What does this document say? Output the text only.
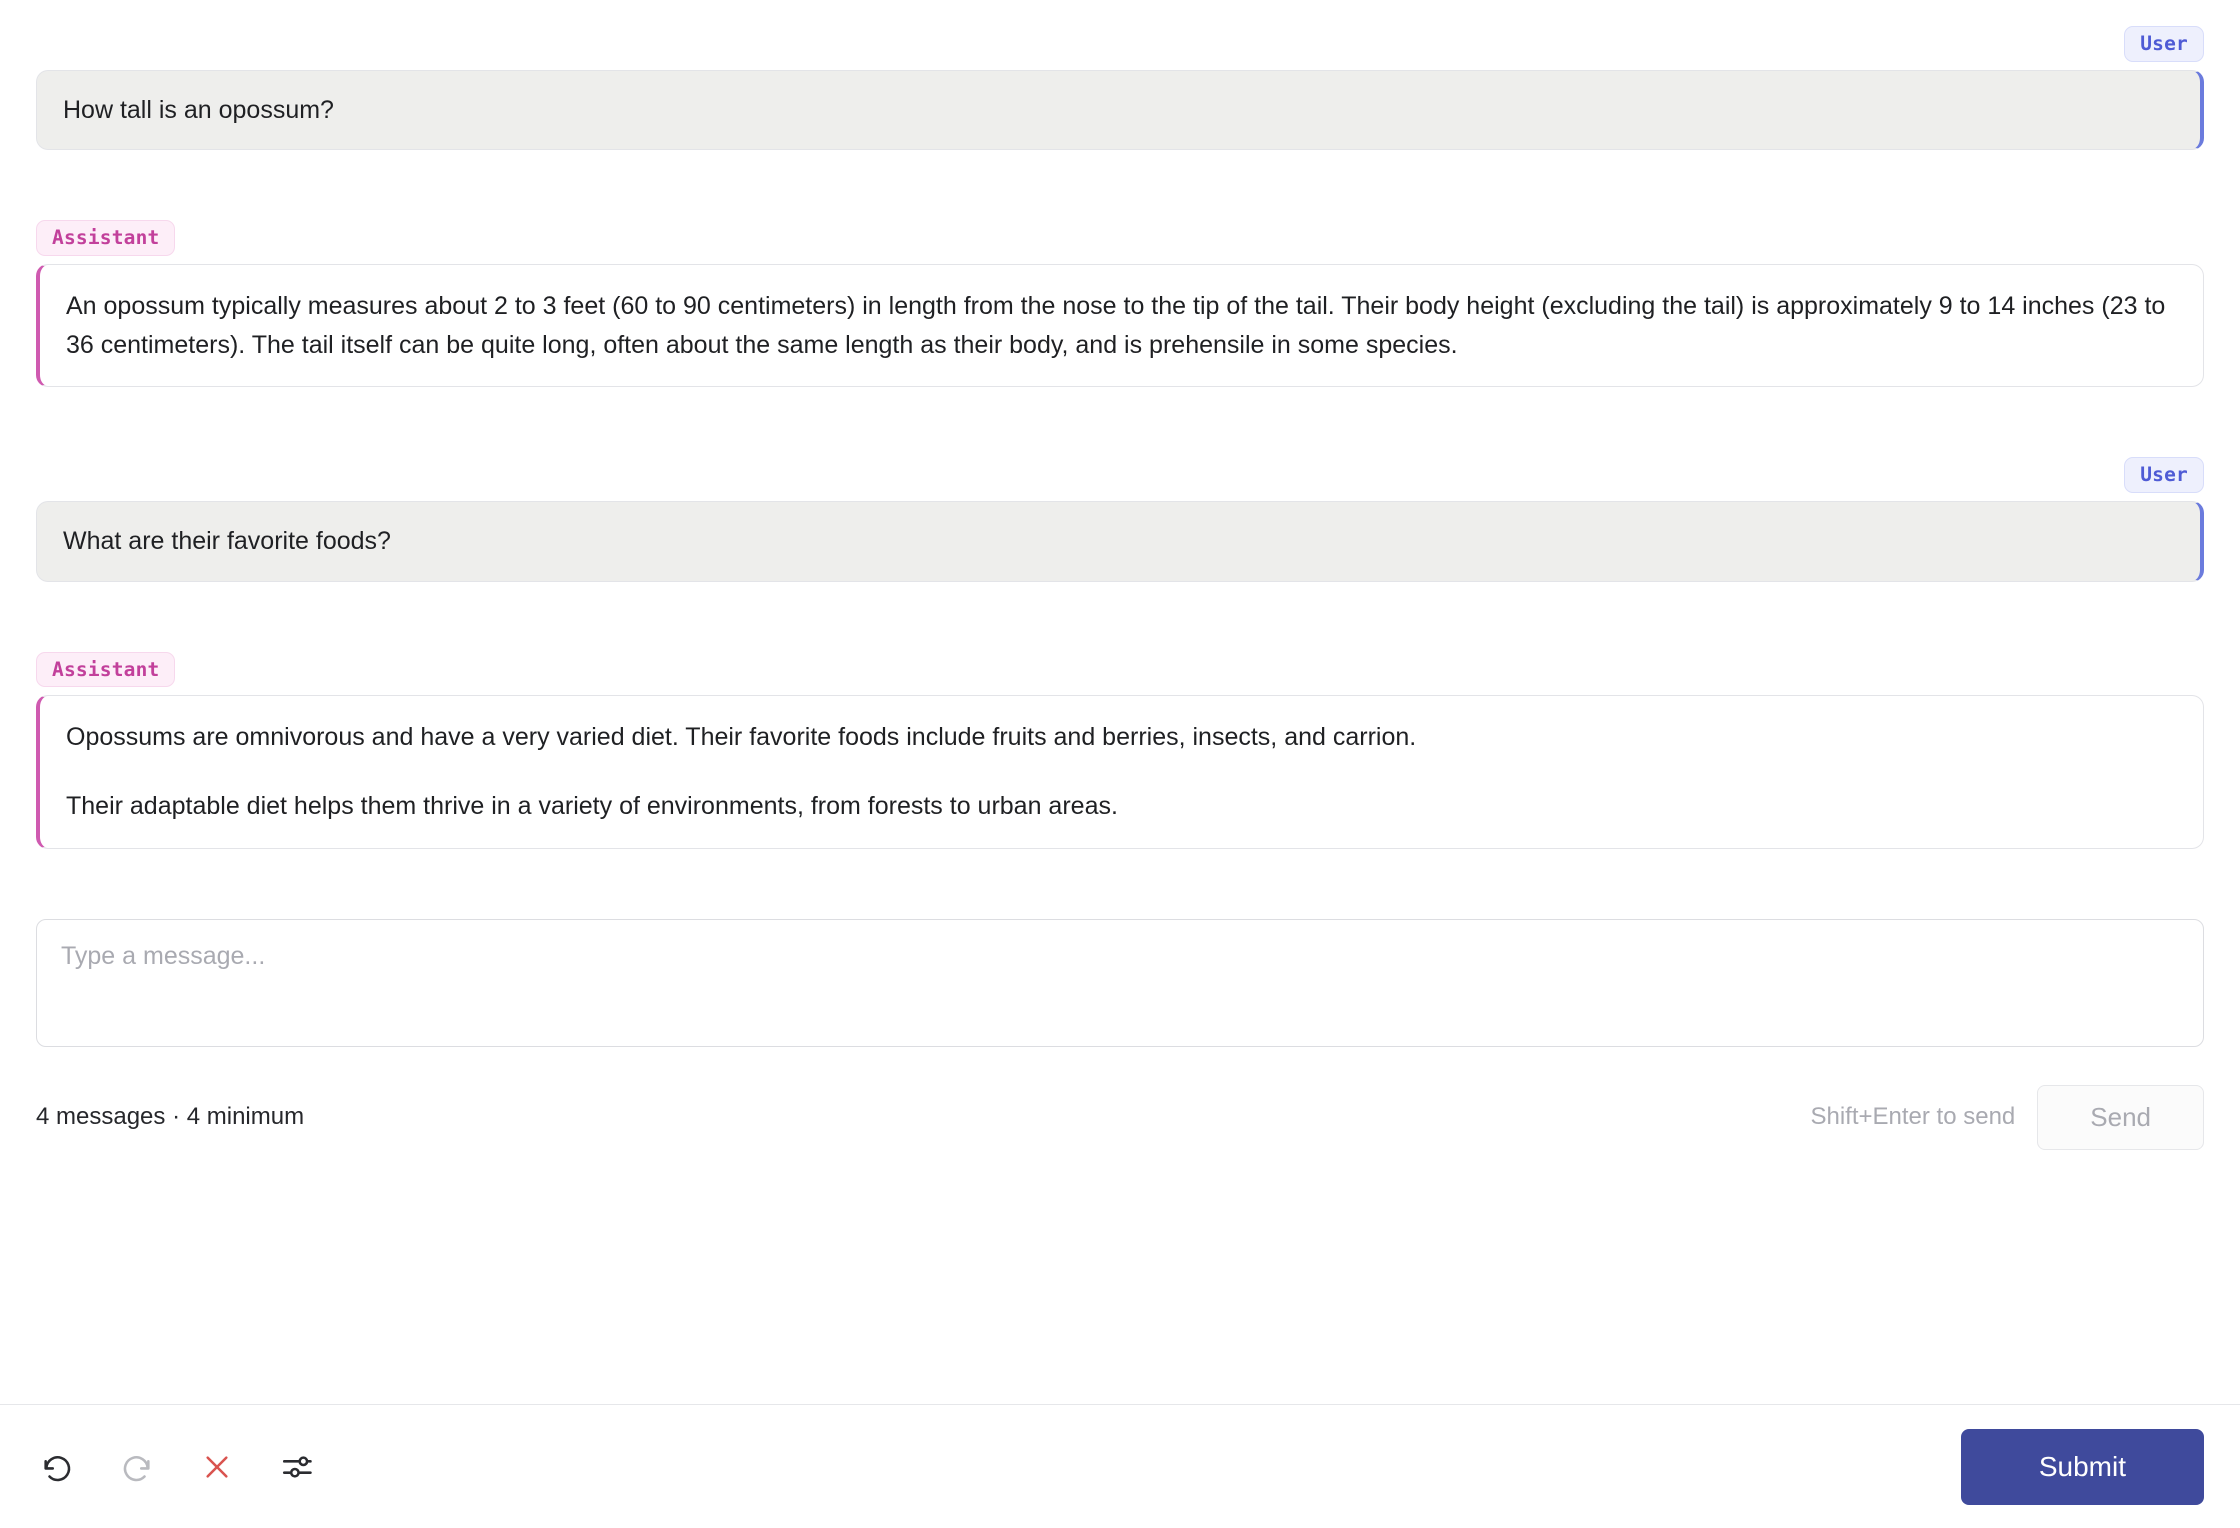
User

How tall is an opossum?

Assistant

An opossum typically measures about 2 to 3 feet (60 to 90 centimeters) in length from the nose to the tip of the tail. Their body height (excluding the tail) is approximately 9 to 14 inches (23 to 36 centimeters). The tail itself can be quite long, often about the same length as their body, and is prehensile in some species.

User

What are their favorite foods?

Assistant

Opossums are omnivorous and have a very varied diet. Their favorite foods include fruits and berries, insects, and carrion.

Their adaptable diet helps them thrive in a variety of environments, from forests to urban areas.

Type a message...
4 messages · 4 minimum	Shift+Enter to send	Send
Submit
